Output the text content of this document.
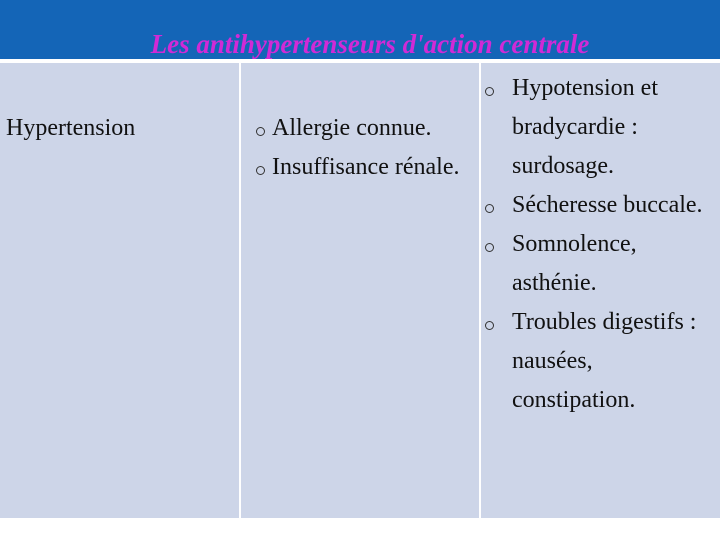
Les antihypertenseurs d'action centrale
Hypertension	Allergie connue.
Insuffisance rénale.
Hypotension et bradycardie : surdosage.
Sécheresse buccale.
Somnolence, asthénie.
Troubles digestifs : nausées, constipation.
